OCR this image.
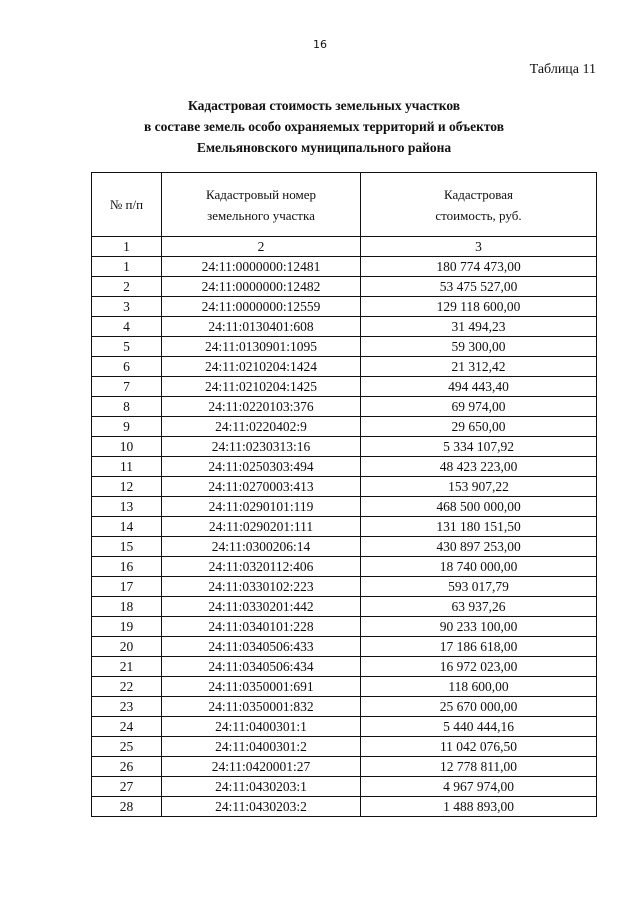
16
Таблица 11
Кадастровая стоимость земельных участков
в составе земель особо охраняемых территорий и объектов
Емельяновского муниципального района
№ п/п	Кадастровый номер земельного участка	Кадастровая стоимость, руб.

1	2	3
1	24:11:0000000:12481	180 774 473,00
2	24:11:0000000:12482	53 475 527,00
3	24:11:0000000:12559	129 118 600,00
4	24:11:0130401:608	31 494,23
5	24:11:0130901:1095	59 300,00
6	24:11:0210204:1424	21 312,42
7	24:11:0210204:1425	494 443,40
8	24:11:0220103:376	69 974,00
9	24:11:0220402:9	29 650,00
10	24:11:0230313:16	5 334 107,92
11	24:11:0250303:494	48 423 223,00
12	24:11:0270003:413	153 907,22
13	24:11:0290101:119	468 500 000,00
14	24:11:0290201:111	131 180 151,50
15	24:11:0300206:14	430 897 253,00
16	24:11:0320112:406	18 740 000,00
17	24:11:0330102:223	593 017,79
18	24:11:0330201:442	63 937,26
19	24:11:0340101:228	90 233 100,00
20	24:11:0340506:433	17 186 618,00
21	24:11:0340506:434	16 972 023,00
22	24:11:0350001:691	118 600,00
23	24:11:0350001:832	25 670 000,00
24	24:11:0400301:1	5 440 444,16
25	24:11:0400301:2	11 042 076,50
26	24:11:0420001:27	12 778 811,00
27	24:11:0430203:1	4 967 974,00
28	24:11:0430203:2	1 488 893,00
